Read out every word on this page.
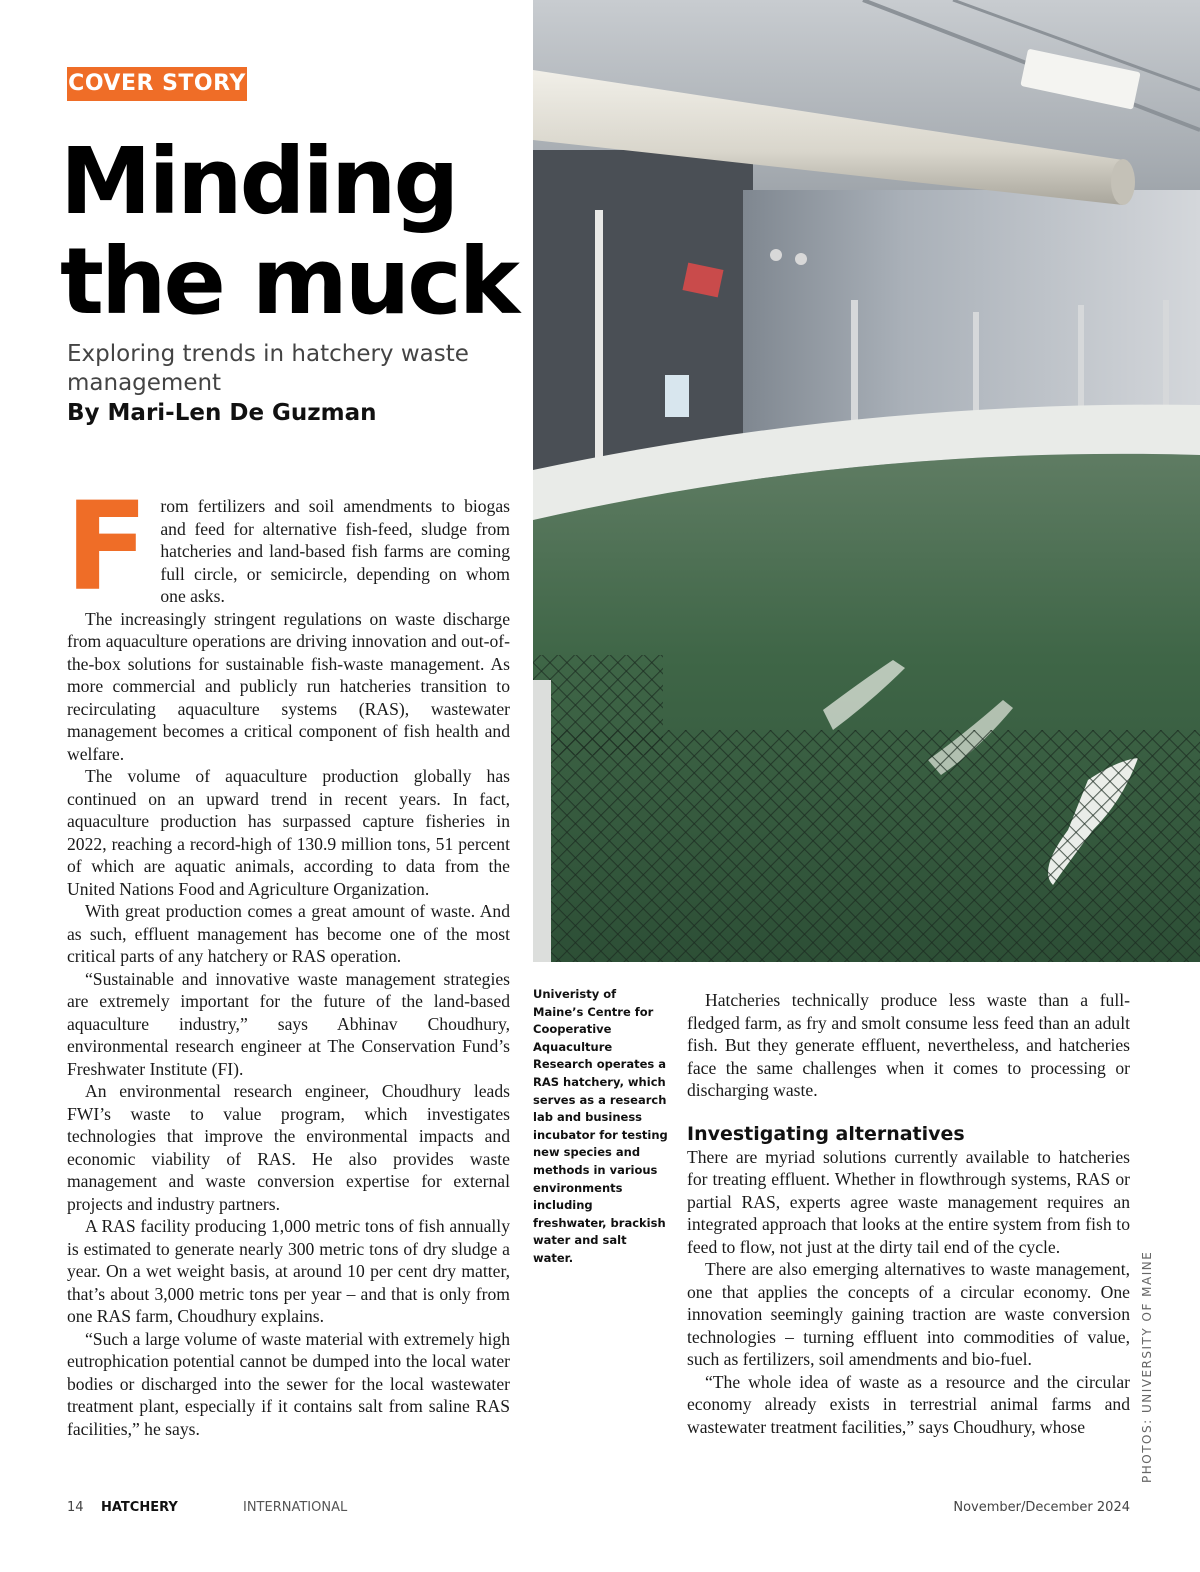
COVER STORY
Minding the muck
Exploring trends in hatchery waste management
By Mari-Len De Guzman
F rom fertilizers and soil amendments to biogas and feed for alternative fish-feed, sludge from hatcheries and land-based fish farms are coming full circle, or semicircle, depending on whom one asks.

The increasingly stringent regulations on waste discharge from aquaculture operations are driving innovation and out-of-the-box solutions for sustainable fish-waste management. As more commercial and publicly run hatcheries transition to recirculating aquaculture systems (RAS), wastewater management becomes a critical component of fish health and welfare.

The volume of aquaculture production globally has continued on an upward trend in recent years. In fact, aquaculture production has surpassed capture fisheries in 2022, reaching a record-high of 130.9 million tons, 51 percent of which are aquatic animals, according to data from the United Nations Food and Agriculture Organization.

With great production comes a great amount of waste. And as such, effluent management has become one of the most critical parts of any hatchery or RAS operation.

“Sustainable and innovative waste management strategies are extremely important for the future of the land-based aquaculture industry,” says Abhinav Choudhury, environmental research engineer at The Conservation Fund’s Freshwater Institute (FI).

An environmental research engineer, Choudhury leads FWI’s waste to value program, which investigates technologies that improve the environmental impacts and economic viability of RAS. He also provides waste management and waste conversion expertise for external projects and industry partners.

A RAS facility producing 1,000 metric tons of fish annually is estimated to generate nearly 300 metric tons of dry sludge a year. On a wet weight basis, at around 10 per cent dry matter, that’s about 3,000 metric tons per year – and that is only from one RAS farm, Choudhury explains.

“Such a large volume of waste material with extremely high eutrophication potential cannot be dumped into the local water bodies or discharged into the sewer for the local wastewater treatment plant, especially if it contains salt from saline RAS facilities,” he says.

Univeristy of Maine’s Centre for Cooperative Aquaculture Research operates a RAS hatchery, which serves as a research lab and business incubator for testing new species and methods in various environments including freshwater, brackish water and salt water.

Hatcheries technically produce less waste than a full-fledged farm, as fry and smolt consume less feed than an adult fish. But they generate effluent, nevertheless, and hatcheries face the same challenges when it comes to processing or discharging waste.

Investigating alternatives

There are myriad solutions currently available to hatcheries for treating effluent. Whether in flowthrough systems, RAS or partial RAS, experts agree waste management requires an integrated approach that looks at the entire system from fish to feed to flow, not just at the dirty tail end of the cycle.

There are also emerging alternatives to waste management, one that applies the concepts of a circular economy. One innovation seemingly gaining traction are waste conversion technologies – turning effluent into commodities of value, such as fertilizers, soil amendments and bio-fuel.

“The whole idea of waste as a resource and the circular economy already exists in terrestrial animal farms and wastewater treatment facilities,” says Choudhury, whose	PHOTOS: UNIVERSITY OF MAINE
14 HATCHERY	INTERNATIONAL	November/December 2024
